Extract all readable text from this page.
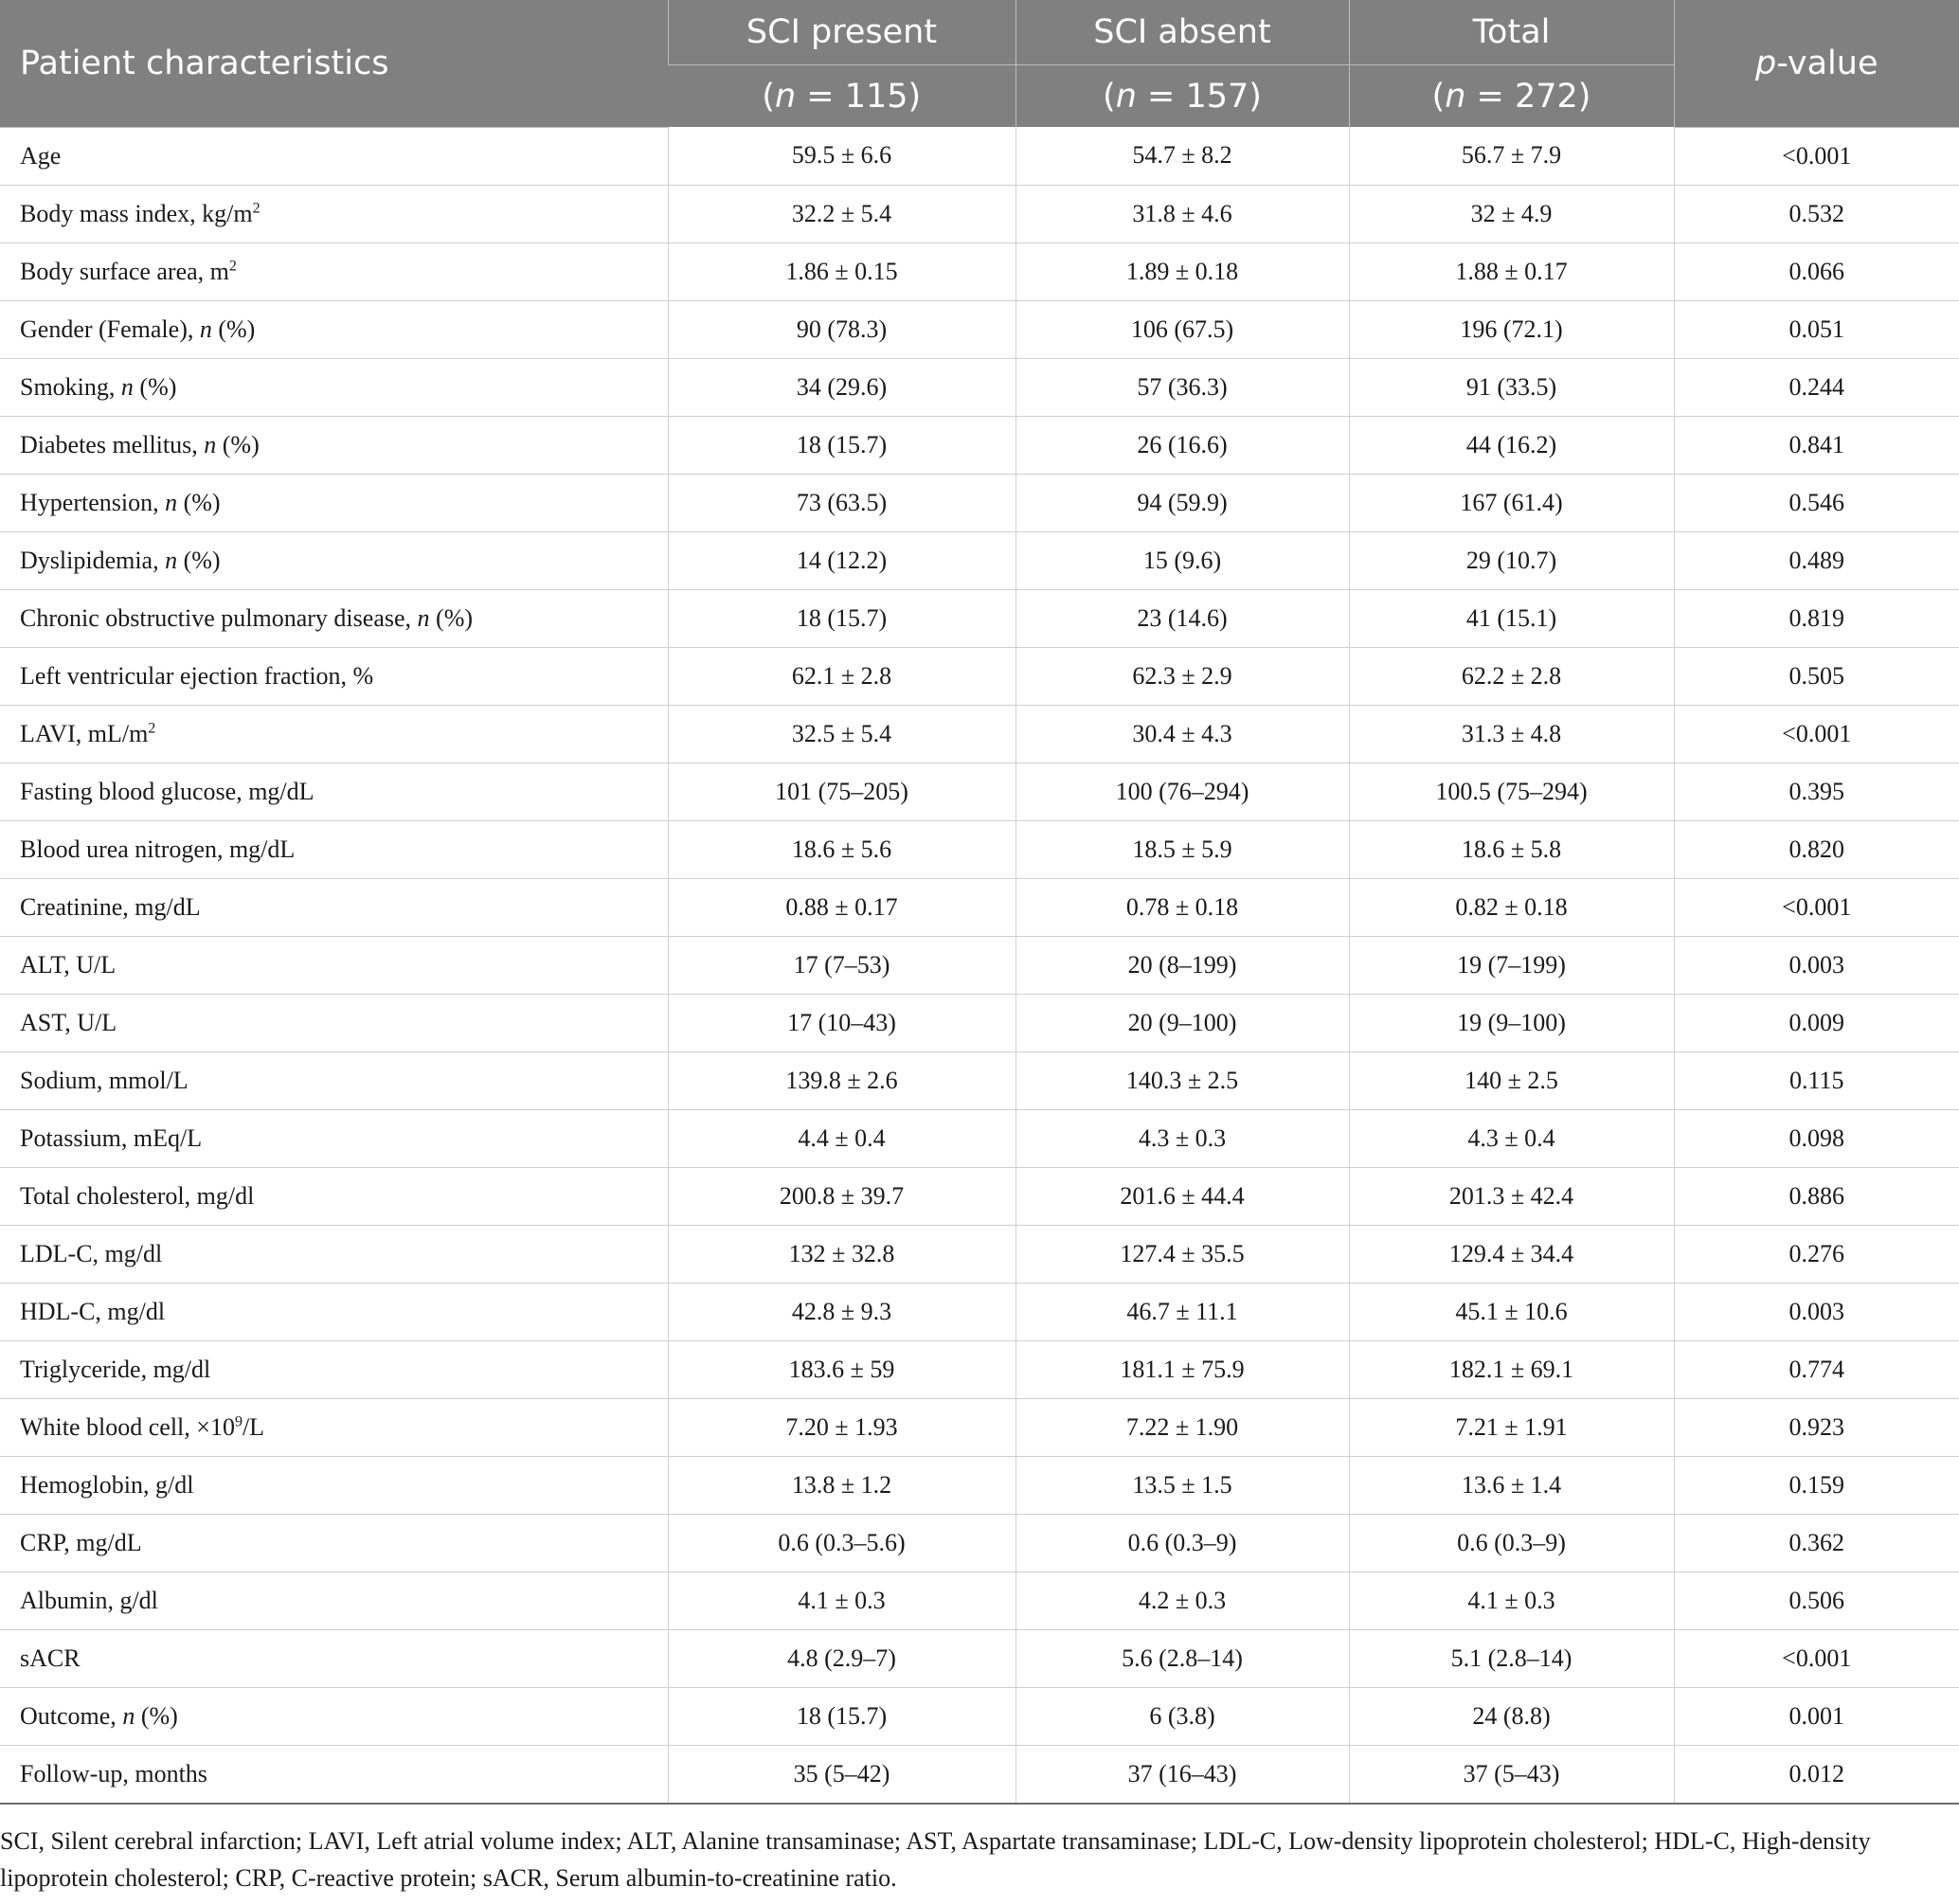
Patient characteristics	SCI present	SCI absent	Total	p-value
	(n = 115)	(n = 157)	(n = 272)	
Age	59.5 ± 6.6	54.7 ± 8.2	56.7 ± 7.9	<0.001
Body mass index, $kg/m^2$	32.2 ± 5.4	31.8 ± 4.6	32 ± 4.9	0.532
Body surface area, $m^2$	1.86 ± 0.15	1.89 ± 0.18	1.88 ± 0.17	0.066
Gender (Female), n (%)	90 (78.3)	106 (67.5)	196 (72.1)	0.051
Smoking, n (%)	34 (29.6)	57 (36.3)	91 (33.5)	0.244
Diabetes mellitus, n (%)	18 (15.7)	26 (16.6)	44 (16.2)	0.841
Hypertension, n (%)	73 (63.5)	94 (59.9)	167 (61.4)	0.546
Dyslipidemia, n (%)	14 (12.2)	15 (9.6)	29 (10.7)	0.489
Chronic obstructive pulmonary disease, n (%)	18 (15.7)	23 (14.6)	41 (15.1)	0.819
Left ventricular ejection fraction, %	62.1 ± 2.8	62.3 ± 2.9	62.2 ± 2.8	0.505
LAVI, $mL/m^2$	32.5 ± 5.4	30.4 ± 4.3	31.3 ± 4.8	<0.001
Fasting blood glucose, mg/dL	101 (75–205)	100 (76–294)	100.5 (75–294)	0.395
Blood urea nitrogen, mg/dL	18.6 ± 5.6	18.5 ± 5.9	18.6 ± 5.8	0.820
Creatinine, mg/dL	0.88 ± 0.17	0.78 ± 0.18	0.82 ± 0.18	<0.001
ALT, U/L	17 (7–53)	20 (8–199)	19 (7–199)	0.003
AST, U/L	17 (10–43)	20 (9–100)	19 (9–100)	0.009
Sodium, mmol/L	139.8 ± 2.6	140.3 ± 2.5	140 ± 2.5	0.115
Potassium, mEq/L	4.4 ± 0.4	4.3 ± 0.3	4.3 ± 0.4	0.098
Total cholesterol, mg/dl	200.8 ± 39.7	201.6 ± 44.4	201.3 ± 42.4	0.886
LDL-C, mg/dl	132 ± 32.8	127.4 ± 35.5	129.4 ± 34.4	0.276
HDL-C, mg/dl	42.8 ± 9.3	46.7 ± 11.1	45.1 ± 10.6	0.003
Triglyceride, mg/dl	183.6 ± 59	181.1 ± 75.9	182.1 ± 69.1	0.774
White blood cell, $\times 10^9/L$	7.20 ± 1.93	7.22 ± 1.90	7.21 ± 1.91	0.923
Hemoglobin, g/dl	13.8 ± 1.2	13.5 ± 1.5	13.6 ± 1.4	0.159
CRP, mg/dL	0.6 (0.3–5.6)	0.6 (0.3–9)	0.6 (0.3–9)	0.362
Albumin, g/dl	4.1 ± 0.3	4.2 ± 0.3	4.1 ± 0.3	0.506
sACR	4.8 (2.9–7)	5.6 (2.8–14)	5.1 (2.8–14)	<0.001
Outcome, n (%)	18 (15.7)	6 (3.8)	24 (8.8)	0.001
Follow-up, months	35 (5–42)	37 (16–43)	37 (5–43)	0.012
SCI, Silent cerebral infarction; LAVI, Left atrial volume index; ALT, Alanine transaminase; AST, Aspartate transaminase; LDL-C, Low-density lipoprotein cholesterol; HDL-C, High-density lipoprotein cholesterol; CRP, C-reactive protein; sACR, Serum albumin-to-creatinine ratio.
